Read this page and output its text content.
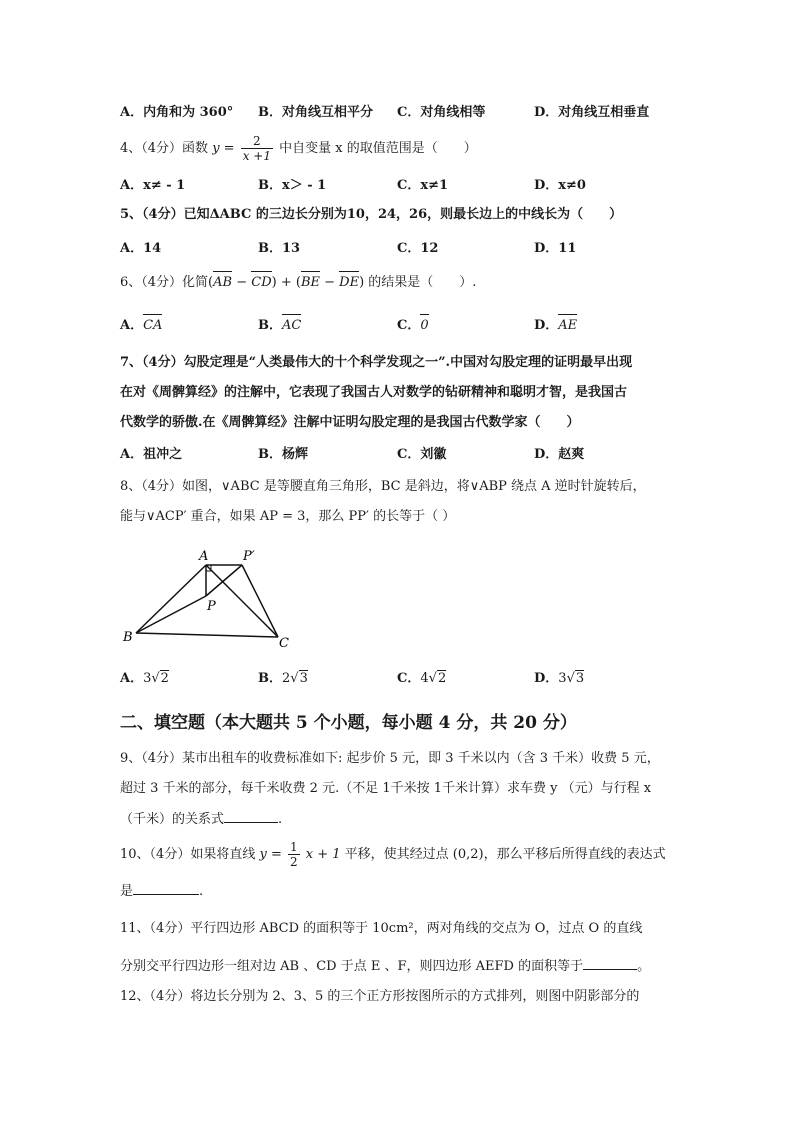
A．内角和为 360° B．对角线互相平分 C．对角线相等	D．对角线互相垂直
4、（4分）函数 $y = \frac{2}{x +1}$ 中自变量 x 的取值范围是（　　）
A．x≠ - 1	B．x＞ - 1	C．x≠1	D．x≠0
5、（4分）已知ΔABC 的三边长分别为10，24，26，则最长边上的中线长为（　　）
A．14	B．13	C．12	D．11
6、（4分）化简(AB − CD) + (BE − DE) 的结果是（　　）.
A．CA	B．AC	C．0	D．AE
7、（4分）勾股定理是“人类最伟大的十个科学发现之一”.中国对勾股定理的证明最早出现
在对《周髀算经》的注解中，它表现了我国古人对数学的钻研精神和聪明才智，是我国古
代数学的骄傲.在《周髀算经》注解中证明勾股定理的是我国古代数学家（　　）
A．祖冲之	B．杨辉	C．刘徽	D．赵爽
8、（4分）如图，∨ABC 是等腰直角三角形，BC 是斜边，将∨ABP 绕点 A 逆时针旋转后，
能与∨ACP′ 重合，如果 AP = 3，那么 PP′ 的长等于（ ）
A	P′
P
B	C
A．3√2	B．2√3	C．4√2	D．3√3
二、填空题（本大题共 5 个小题，每小题 4 分，共 20 分）
9、（4分）某市出租车的收费标准如下: 起步价 5 元，即 3 千米以内（含 3 千米）收费 5 元，
超过 3 千米的部分，每千米收费 2 元.（不足 1千米按 1千米计算）求车费 y （元）与行程 x
（千米）的关系式	.
10、（4分）如果将直线 $y = \frac{1}{2}$ x + 1 平移，使其经过点 (0,2)，那么平移后所得直线的表达式
是	.
11、（4分）平行四边形 ABCD 的面积等于 10cm²，两对角线的交点为 O，过点 O 的直线
分别交平行四边形一组对边 AB 、CD 于点 E 、F，则四边形 AEFD 的面积等于	。
12、（4分）将边长分别为 2、3、5 的三个正方形按图所示的方式排列，则图中阴影部分的
